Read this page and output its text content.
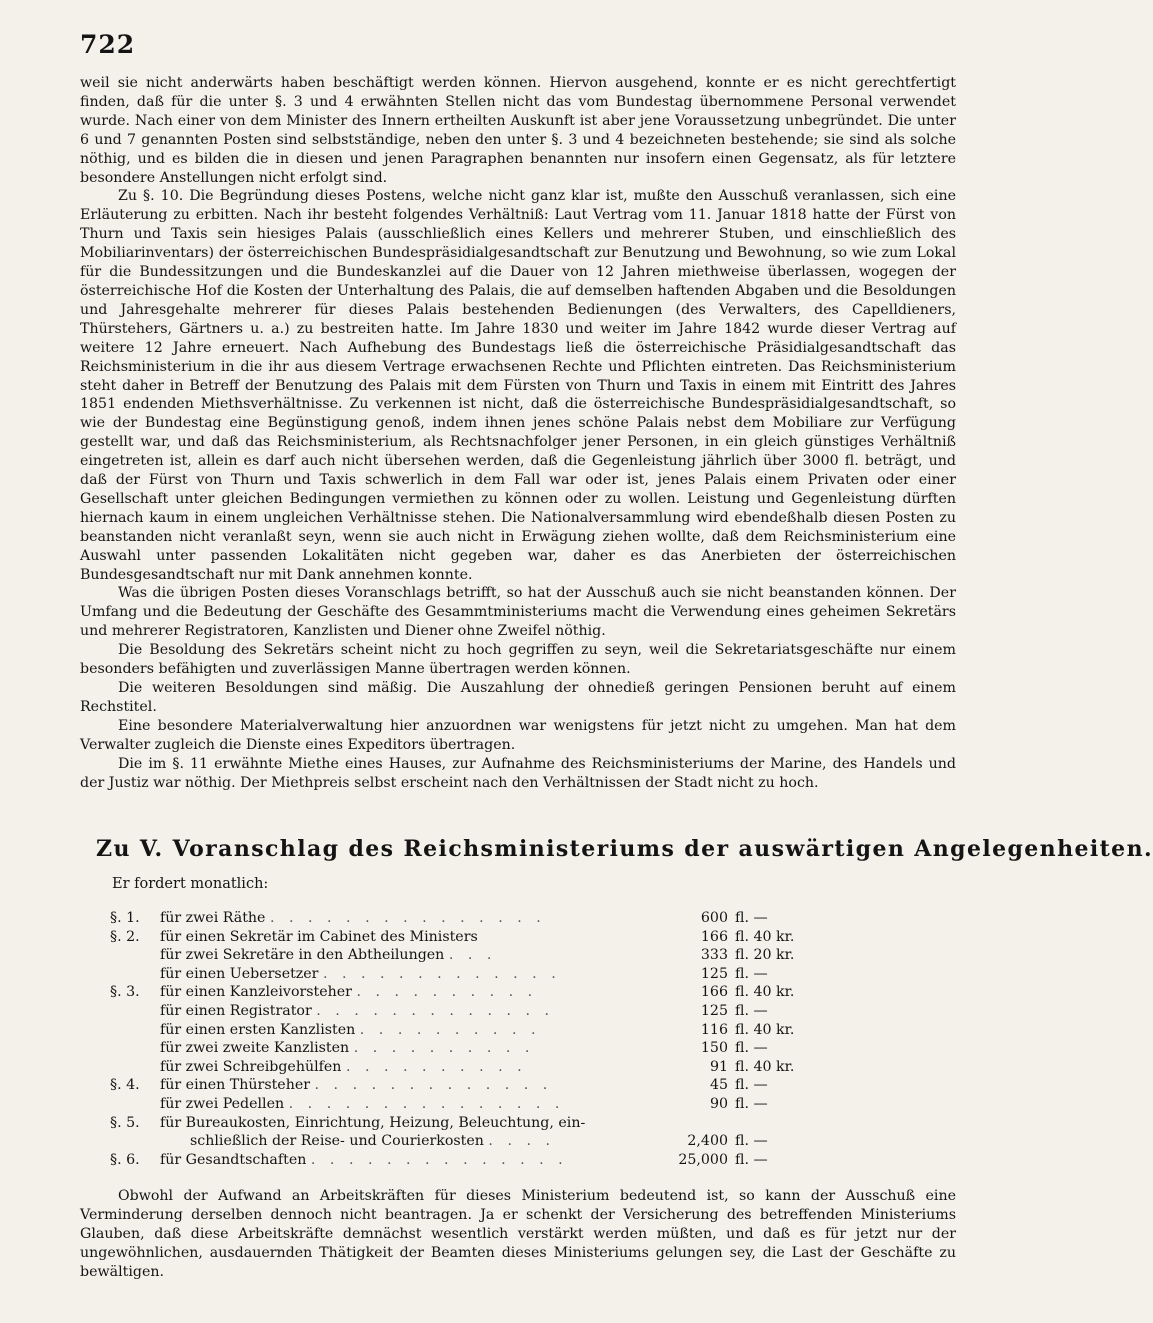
722

weil sie nicht anderwärts haben beschäftigt werden können. Hiervon ausgehend, konnte er es nicht gerechtfertigt finden, daß für die unter §. 3 und 4 erwähnten Stellen nicht das vom Bundestag übernommene Personal verwendet wurde. Nach einer von dem Minister des Innern ertheilten Auskunft ist aber jene Voraussetzung unbegründet. Die unter 6 und 7 genannten Posten sind selbstständige, neben den unter §. 3 und 4 bezeichneten bestehende; sie sind als solche nöthig, und es bilden die in diesen und jenen Paragraphen benannten nur insofern einen Gegensatz, als für letztere besondere Anstellungen nicht erfolgt sind.

Zu §. 10. Die Begründung dieses Postens, welche nicht ganz klar ist, mußte den Ausschuß veranlassen, sich eine Erläuterung zu erbitten. Nach ihr besteht folgendes Verhältniß: Laut Vertrag vom 11. Januar 1818 hatte der Fürst von Thurn und Taxis sein hiesiges Palais (ausschließlich eines Kellers und mehrerer Stuben, und einschließlich des Mobiliarinventars) der österreichischen Bundespräsidialgesandtschaft zur Benutzung und Bewohnung, so wie zum Lokal für die Bundessitzungen und die Bundeskanzlei auf die Dauer von 12 Jahren miethweise überlassen, wogegen der österreichische Hof die Kosten der Unterhaltung des Palais, die auf demselben haftenden Abgaben und die Besoldungen und Jahresgehalte mehrerer für dieses Palais bestehenden Bedienungen (des Verwalters, des Capelldieners, Thürstehers, Gärtners u. a.) zu bestreiten hatte. Im Jahre 1830 und weiter im Jahre 1842 wurde dieser Vertrag auf weitere 12 Jahre erneuert. Nach Aufhebung des Bundestags ließ die österreichische Präsidialgesandtschaft das Reichsministerium in die ihr aus diesem Vertrage erwachsenen Rechte und Pflichten eintreten. Das Reichsministerium steht daher in Betreff der Benutzung des Palais mit dem Fürsten von Thurn und Taxis in einem mit Eintritt des Jahres 1851 endenden Miethsverhältnisse. Zu verkennen ist nicht, daß die österreichische Bundespräsidialgesandtschaft, so wie der Bundestag eine Begünstigung genoß, indem ihnen jenes schöne Palais nebst dem Mobiliare zur Verfügung gestellt war, und daß das Reichsministerium, als Rechtsnachfolger jener Personen, in ein gleich günstiges Verhältniß eingetreten ist, allein es darf auch nicht übersehen werden, daß die Gegenleistung jährlich über 3000 fl. beträgt, und daß der Fürst von Thurn und Taxis schwerlich in dem Fall war oder ist, jenes Palais einem Privaten oder einer Gesellschaft unter gleichen Bedingungen vermiethen zu können oder zu wollen. Leistung und Gegenleistung dürften hiernach kaum in einem ungleichen Verhältnisse stehen. Die Nationalversammlung wird ebendeßhalb diesen Posten zu beanstanden nicht veranlaßt seyn, wenn sie auch nicht in Erwägung ziehen wollte, daß dem Reichsministerium eine Auswahl unter passenden Lokalitäten nicht gegeben war, daher es das Anerbieten der österreichischen Bundesgesandtschaft nur mit Dank annehmen konnte.

Was die übrigen Posten dieses Voranschlags betrifft, so hat der Ausschuß auch sie nicht beanstanden können. Der Umfang und die Bedeutung der Geschäfte des Gesammtministeriums macht die Verwendung eines geheimen Sekretärs und mehrerer Registratoren, Kanzlisten und Diener ohne Zweifel nöthig.

Die Besoldung des Sekretärs scheint nicht zu hoch gegriffen zu seyn, weil die Sekretariatsgeschäfte nur einem besonders befähigten und zuverlässigen Manne übertragen werden können.

Die weiteren Besoldungen sind mäßig. Die Auszahlung der ohnedieß geringen Pensionen beruht auf einem Rechstitel.

Eine besondere Materialverwaltung hier anzuordnen war wenigstens für jetzt nicht zu umgehen. Man hat dem Verwalter zugleich die Dienste eines Expeditors übertragen.

Die im §. 11 erwähnte Miethe eines Hauses, zur Aufnahme des Reichsministeriums der Marine, des Handels und der Justiz war nöthig. Der Miethpreis selbst erscheint nach den Verhältnissen der Stadt nicht zu hoch.

Zu V. Voranschlag des Reichsministeriums der auswärtigen Angelegenheiten.
Er fordert monatlich:
§. 1. für zwei Räthe . . . . . . . . . . . . . . .	600 fl. —
§. 2. für einen Sekretär im Cabinet des Ministers	166 fl. 40 kr.
für zwei Sekretäre in den Abtheilungen . . .	333 fl. 20 kr.
für einen Uebersetzer . . . . . . . . . . . . .	125 fl. —
§. 3. für einen Kanzleivorsteher . . . . . . . . . .	166 fl. 40 kr.
für einen Registrator . . . . . . . . . . . . .	125 fl. —
für einen ersten Kanzlisten . . . . . . . . . .	116 fl. 40 kr.
für zwei zweite Kanzlisten . . . . . . . . . .	150 fl. —
für zwei Schreibgehülfen . . . . . . . . . .	91 fl. 40 kr.
§. 4. für einen Thürsteher . . . . . . . . . . . . .	45 fl. —
für zwei Pedellen . . . . . . . . . . . . . . .	90 fl. —
§. 5. für Bureaukosten, Einrichtung, Heizung, Beleuchtung, ein-
schließlich der Reise- und Courierkosten . . . .	2,400 fl. —
§. 6. für Gesandtschaften . . . . . . . . . . . . . .	25,000 fl. —

Obwohl der Aufwand an Arbeitskräften für dieses Ministerium bedeutend ist, so kann der Ausschuß eine Verminderung derselben dennoch nicht beantragen. Ja er schenkt der Versicherung des betreffenden Ministeriums Glauben, daß diese Arbeitskräfte demnächst wesentlich verstärkt werden müßten, und daß es für jetzt nur der ungewöhnlichen, ausdauernden Thätigkeit der Beamten dieses Ministeriums gelungen sey, die Last der Geschäfte zu bewältigen.
